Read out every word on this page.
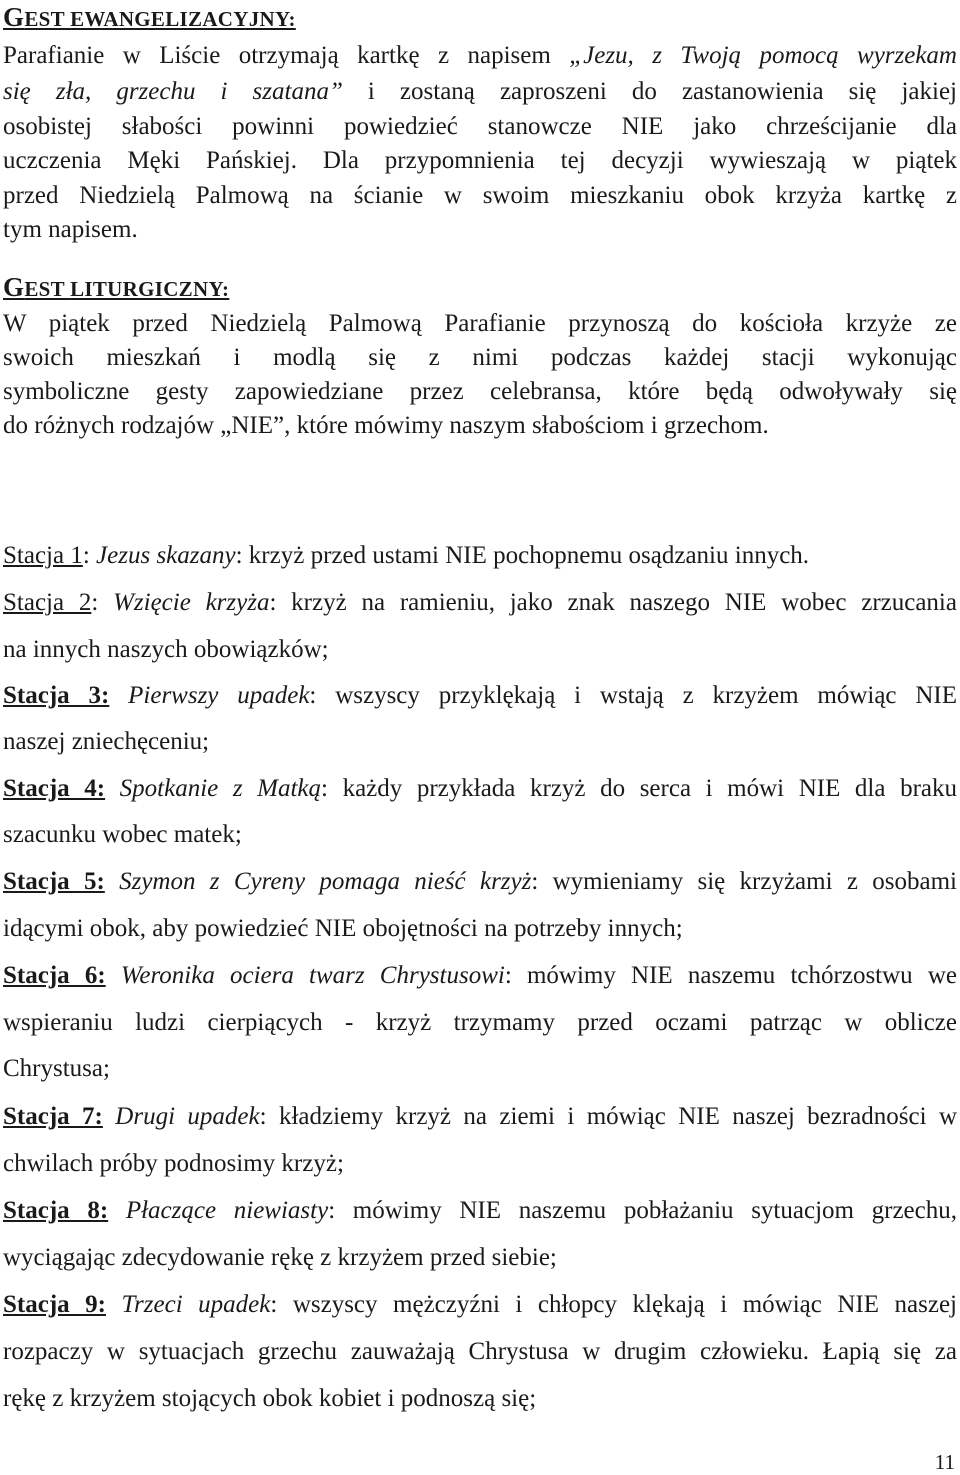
GEST EWANGELIZACYJNY:
Parafianie w Liście otrzymają kartkę z napisem „Jezu, z Twoją pomocą wyrzekam
się zła, grzechu i szatana” i zostaną zaproszeni do zastanowienia się jakiej
osobistej słabości powinni powiedzieć stanowcze NIE jako chrześcijanie dla
uczczenia Męki Pańskiej. Dla przypomnienia tej decyzji wywieszają w piątek
przed Niedzielą Palmową na ścianie w swoim mieszkaniu obok krzyża kartkę z
tym napisem.
GEST LITURGICZNY:
W piątek przed Niedzielą Palmową Parafianie przynoszą do kościoła krzyże ze
swoich mieszkań i modlą się z nimi podczas każdej stacji wykonując
symboliczne gesty zapowiedziane przez celebransa, które będą odwoływały się
do różnych rodzajów „NIE”, które mówimy naszym słabościom i grzechom.
Stacja 1: Jezus skazany: krzyż przed ustami NIE pochopnemu osądzaniu innych.
Stacja 2: Wzięcie krzyża: krzyż na ramieniu, jako znak naszego NIE wobec zrzucania
na innych naszych obowiązków;
Stacja 3: Pierwszy upadek: wszyscy przyklękają i wstają z krzyżem mówiąc NIE
naszej zniechęceniu;
Stacja 4: Spotkanie z Matką: każdy przykłada krzyż do serca i mówi NIE dla braku
szacunku wobec matek;
Stacja 5: Szymon z Cyreny pomaga nieść krzyż: wymieniamy się krzyżami z osobami
idącymi obok, aby powiedzieć NIE obojętności na potrzeby innych;
Stacja 6: Weronika ociera twarz Chrystusowi: mówimy NIE naszemu tchórzostwu we
wspieraniu ludzi cierpiących - krzyż trzymamy przed oczami patrząc w oblicze
Chrystusa;
Stacja 7: Drugi upadek: kładziemy krzyż na ziemi i mówiąc NIE naszej bezradności w
chwilach próby podnosimy krzyż;
Stacja 8: Płaczące niewiasty: mówimy NIE naszemu pobłażaniu sytuacjom grzechu,
wyciągając zdecydowanie rękę z krzyżem przed siebie;
Stacja 9: Trzeci upadek: wszyscy mężczyźni i chłopcy klękają i mówiąc NIE naszej
rozpaczy w sytuacjach grzechu zauważają Chrystusa w drugim człowieku. Łapią się za
rękę z krzyżem stojących obok kobiet i podnoszą się;
11
